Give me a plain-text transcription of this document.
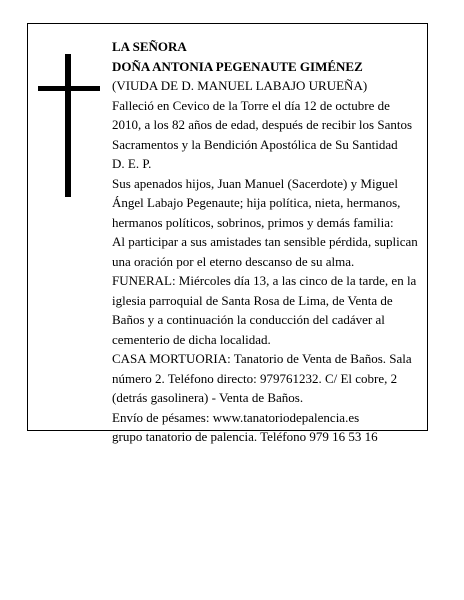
LA SEÑORA

DOÑA ANTONIA PEGENAUTE GIMÉNEZ

(VIUDA DE D. MANUEL LABAJO URUEÑA)

Falleció en Cevico de la Torre el día 12 de octubre de 2010, a los 82 años de edad, después de recibir los Santos Sacramentos y la Bendición Apostólica de Su Santidad

D. E. P.

Sus apenados hijos, Juan Manuel (Sacerdote) y Miguel Ángel Labajo Pegenaute; hija política, nieta, hermanos, hermanos políticos, sobrinos, primos y demás familia:

Al participar a sus amistades tan sensible pérdida, suplican una oración por el eterno descanso de su alma.

FUNERAL: Miércoles día 13, a las cinco de la tarde, en la iglesia parroquial de Santa Rosa de Lima, de Venta de Baños y a continuación la conducción del cadáver al cementerio de dicha localidad.

CASA MORTUORIA: Tanatorio de Venta de Baños. Sala número 2. Teléfono directo: 979761232. C/ El cobre, 2 (detrás gasolinera) - Venta de Baños.

Envío de pésames: www.tanatoriodepalencia.es

grupo tanatorio de palencia. Teléfono 979 16 53 16
